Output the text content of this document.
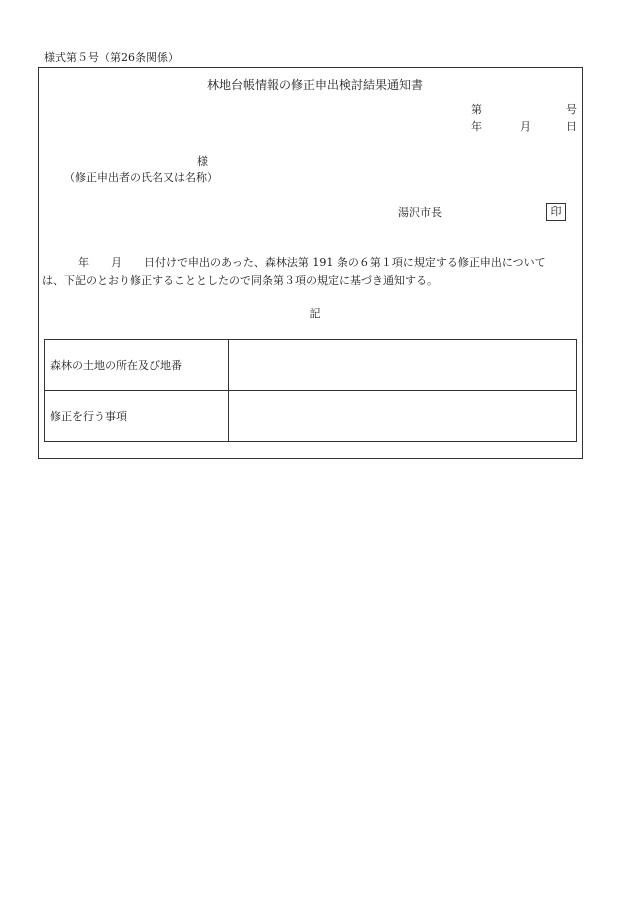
様式第５号（第26条関係）
林地台帳情報の修正申出検討結果通知書
第	号
年	月	日
様
（修正申出者の氏名又は名称）
湯沢市長	印
年　　月　　日付けで申出のあった、森林法第 191 条の６第１項に規定する修正申出について
は、下記のとおり修正することとしたので同条第３項の規定に基づき通知する。
記
森林の土地の所在及び地番	
修正を行う事項	
